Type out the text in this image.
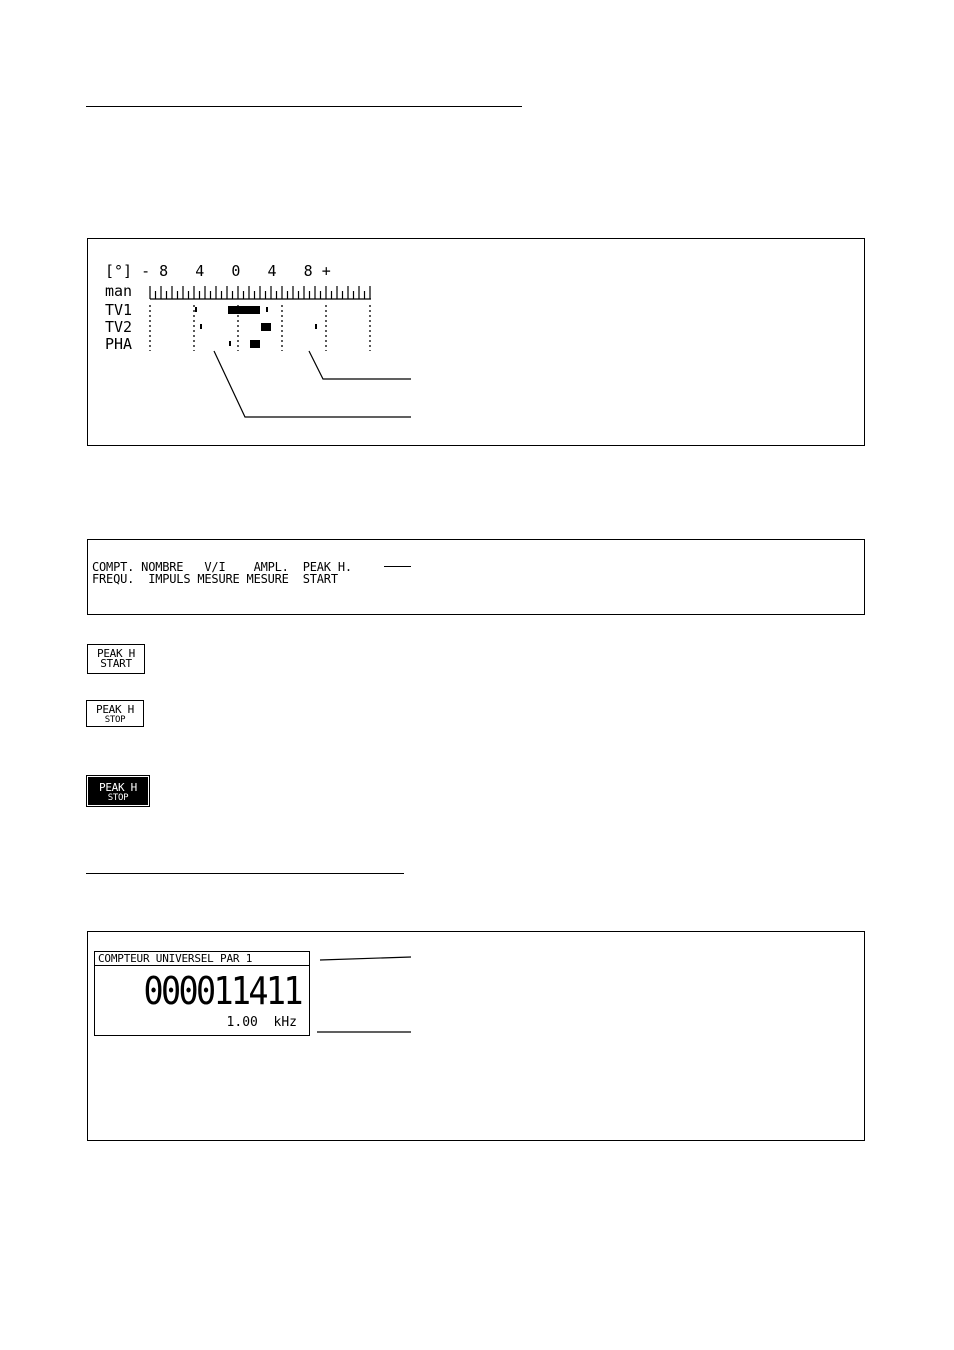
[°] - 8   4   0   4   8 +
man
TV1
TV2
PHA
COMPT. NOMBRE   V/I    AMPL.  PEAK H.
FREQU.  IMPULS MESURE MESURE  START
PEAK H
START
PEAK H
STOP
PEAK H
STOP
COMPTEUR UNIVERSEL PAR 1
000011411
1.00  kHz
